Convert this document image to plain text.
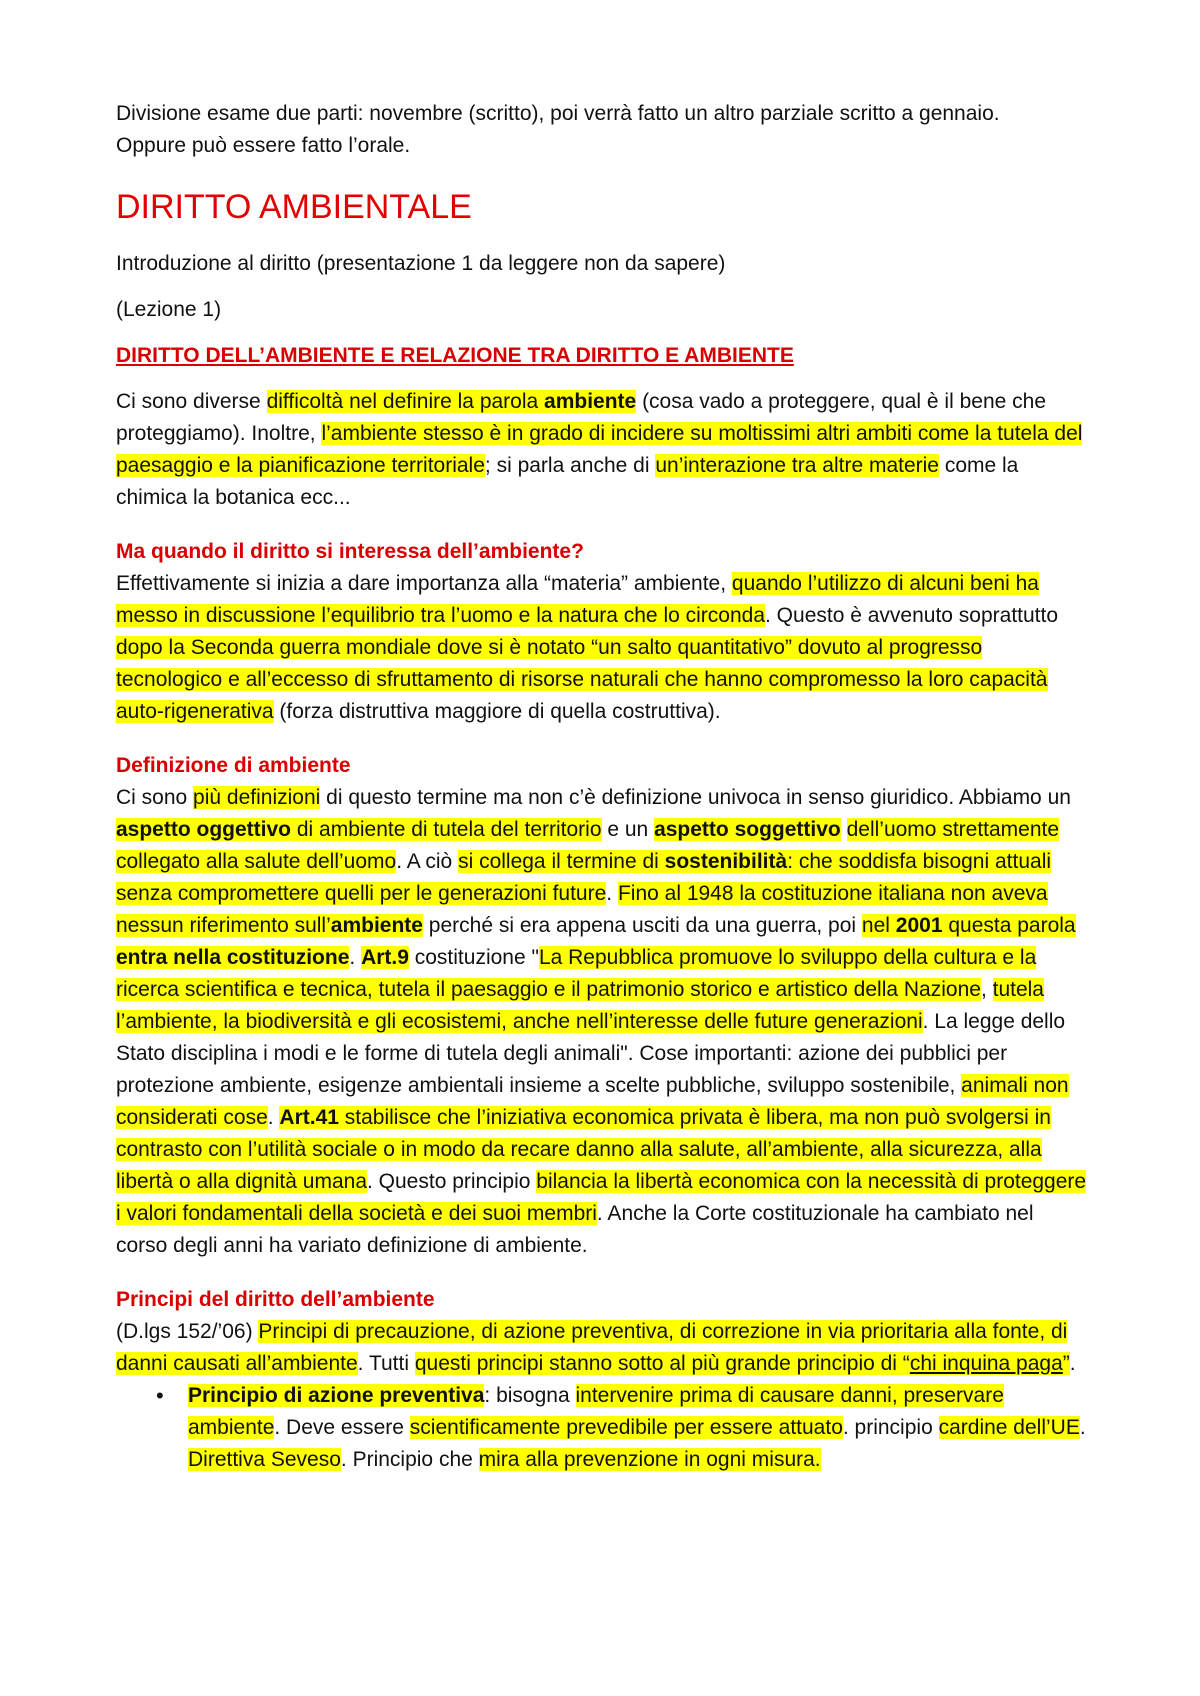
Divisione esame due parti: novembre (scritto), poi verrà fatto un altro parziale scritto a gennaio.
Oppure può essere fatto l’orale.

DIRITTO AMBIENTALE

Introduzione al diritto (presentazione 1 da leggere non da sapere)

(Lezione 1)

DIRITTO DELL’AMBIENTE E RELAZIONE TRA DIRITTO E AMBIENTE

Ci sono diverse difficoltà nel definire la parola ambiente (cosa vado a proteggere, qual è il bene che proteggiamo). Inoltre, l’ambiente stesso è in grado di incidere su moltissimi altri ambiti come la tutela del paesaggio e la pianificazione territoriale; si parla anche di un’interazione tra altre materie come la chimica la botanica ecc...

Ma quando il diritto si interessa dell’ambiente?

Effettivamente si inizia a dare importanza alla “materia” ambiente, quando l’utilizzo di alcuni beni ha messo in discussione l’equilibrio tra l’uomo e la natura che lo circonda. Questo è avvenuto soprattutto dopo la Seconda guerra mondiale dove si è notato “un salto quantitativo” dovuto al progresso tecnologico e all’eccesso di sfruttamento di risorse naturali che hanno compromesso la loro capacità auto-rigenerativa (forza distruttiva maggiore di quella costruttiva).

Definizione di ambiente

Ci sono più definizioni di questo termine ma non c’è definizione univoca in senso giuridico. Abbiamo un aspetto oggettivo di ambiente di tutela del territorio e un aspetto soggettivo dell’uomo strettamente collegato alla salute dell’uomo. A ciò si collega il termine di sostenibilità: che soddisfa bisogni attuali senza compromettere quelli per le generazioni future. Fino al 1948 la costituzione italiana non aveva nessun riferimento sull’ambiente perché si era appena usciti da una guerra, poi nel 2001 questa parola entra nella costituzione. Art.9 costituzione "La Repubblica promuove lo sviluppo della cultura e la ricerca scientifica e tecnica, tutela il paesaggio e il patrimonio storico e artistico della Nazione, tutela l’ambiente, la biodiversità e gli ecosistemi, anche nell’interesse delle future generazioni. La legge dello Stato disciplina i modi e le forme di tutela degli animali". Cose importanti: azione dei pubblici per protezione ambiente, esigenze ambientali insieme a scelte pubbliche, sviluppo sostenibile, animali non considerati cose. Art.41 stabilisce che l’iniziativa economica privata è libera, ma non può svolgersi in contrasto con l’utilità sociale o in modo da recare danno alla salute, all’ambiente, alla sicurezza, alla libertà o alla dignità umana. Questo principio bilancia la libertà economica con la necessità di proteggere i valori fondamentali della società e dei suoi membri. Anche la Corte costituzionale ha cambiato nel corso degli anni ha variato definizione di ambiente.

Principi del diritto dell’ambiente

(D.lgs 152/’06) Principi di precauzione, di azione preventiva, di correzione in via prioritaria alla fonte, di danni causati all’ambiente. Tutti questi principi stanno sotto al più grande principio di “chi inquina paga”.

• Principio di azione preventiva: bisogna intervenire prima di causare danni, preservare ambiente. Deve essere scientificamente prevedibile per essere attuato. principio cardine dell’UE. Direttiva Seveso. Principio che mira alla prevenzione in ogni misura.
